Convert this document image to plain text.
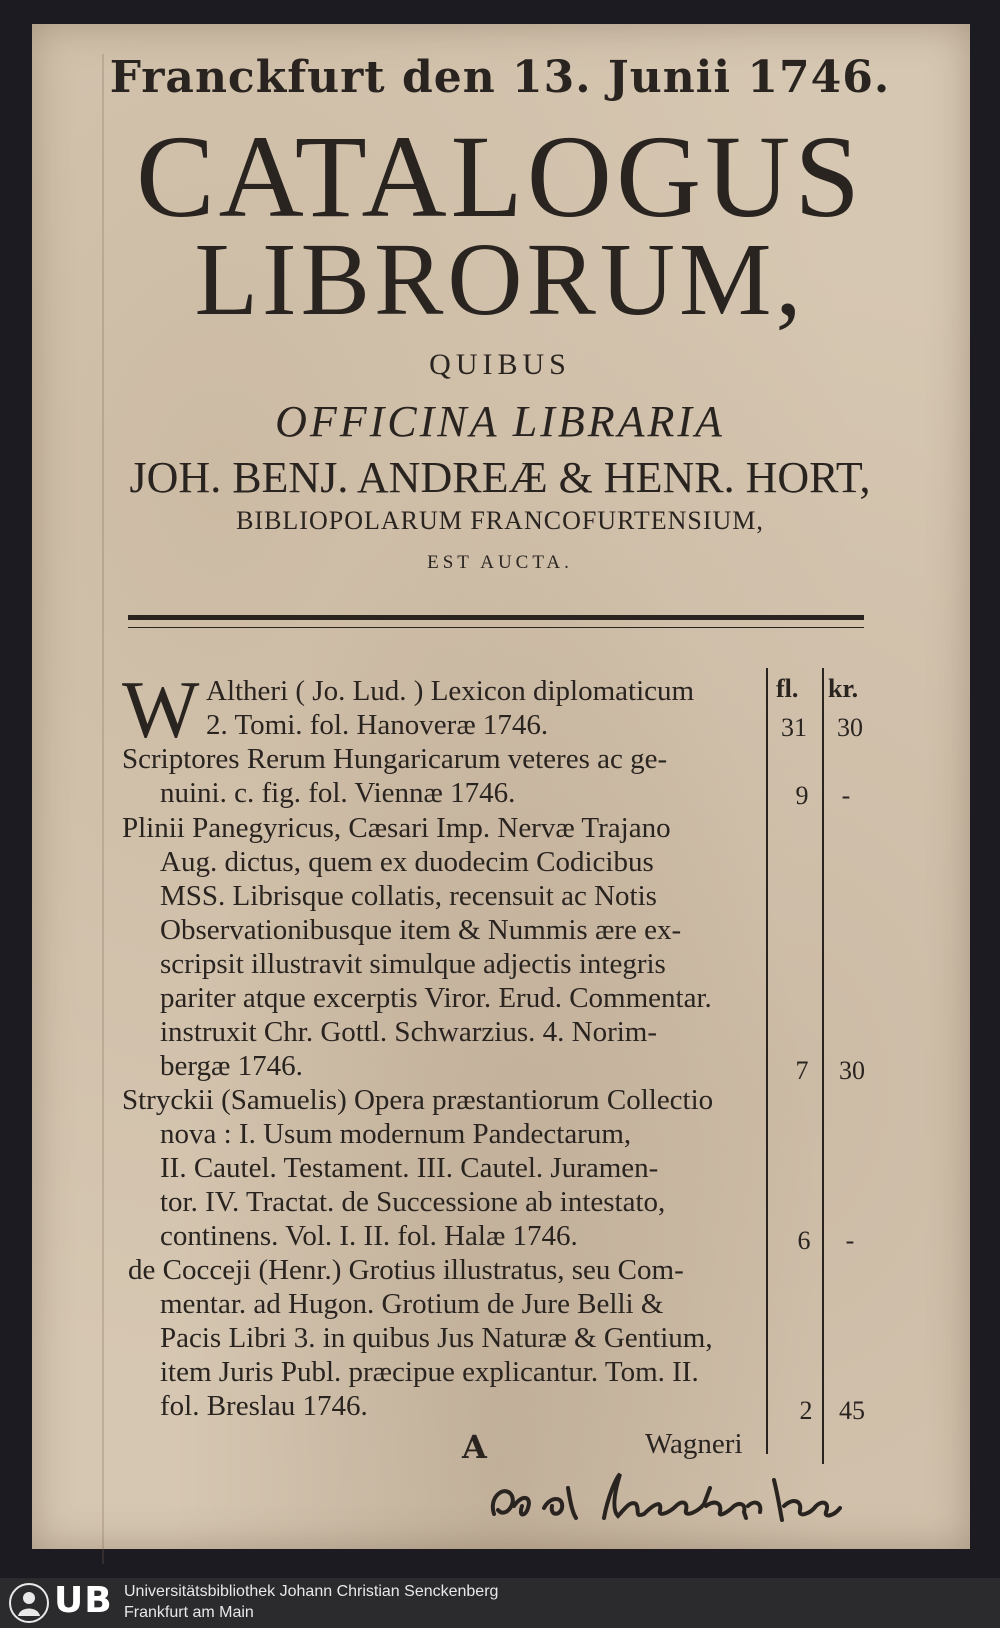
Franckfurt den 13. Junii 1746.
CATALOGUS
LIBRORUM,
QUIBUS
OFFICINA LIBRARIA
JOH. BENJ. ANDREÆ & HENR. HORT,
BIBLIOPOLARUM FRANCOFURTENSIUM,
EST AUCTA.
fl. kr.
W Altheri ( Jo. Lud. ) Lexicon diplomaticum
2. Tomi. fol. Hanoveræ 1746.	31 30
Scriptores Rerum Hungaricarum veteres ac ge-
nuini. c. fig. fol. Viennæ 1746.	9	-
Plinii Panegyricus, Cæsari Imp. Nervæ Trajano
Aug. dictus, quem ex duodecim Codicibus
MSS. Librisque collatis, recensuit ac Notis
Observationibusque item & Nummis ære ex-
scripsit illustravit simulque adjectis integris
pariter atque excerptis Viror. Erud. Commentar.
instruxit Chr. Gottl. Schwarzius. 4. Norim-
bergæ 1746.	7	30
Stryckii (Samuelis) Opera præstantiorum Collectio
nova : I. Usum modernum Pandectarum,
II. Cautel. Testament. III. Cautel. Juramen-
tor. IV. Tractat. de Successione ab intestato,
continens. Vol. I. II. fol. Halæ 1746.	6	-
de Cocceji (Henr.) Grotius illustratus, seu Com-
mentar. ad Hugon. Grotium de Jure Belli &
Pacis Libri 3. in quibus Jus Naturæ & Gentium,
item Juris Publ. præcipue explicantur. Tom. II.
fol. Breslau 1746.	2	45
A	Wagneri
UB Universitätsbibliothek Johann Christian Senckenberg
Frankfurt am Main
